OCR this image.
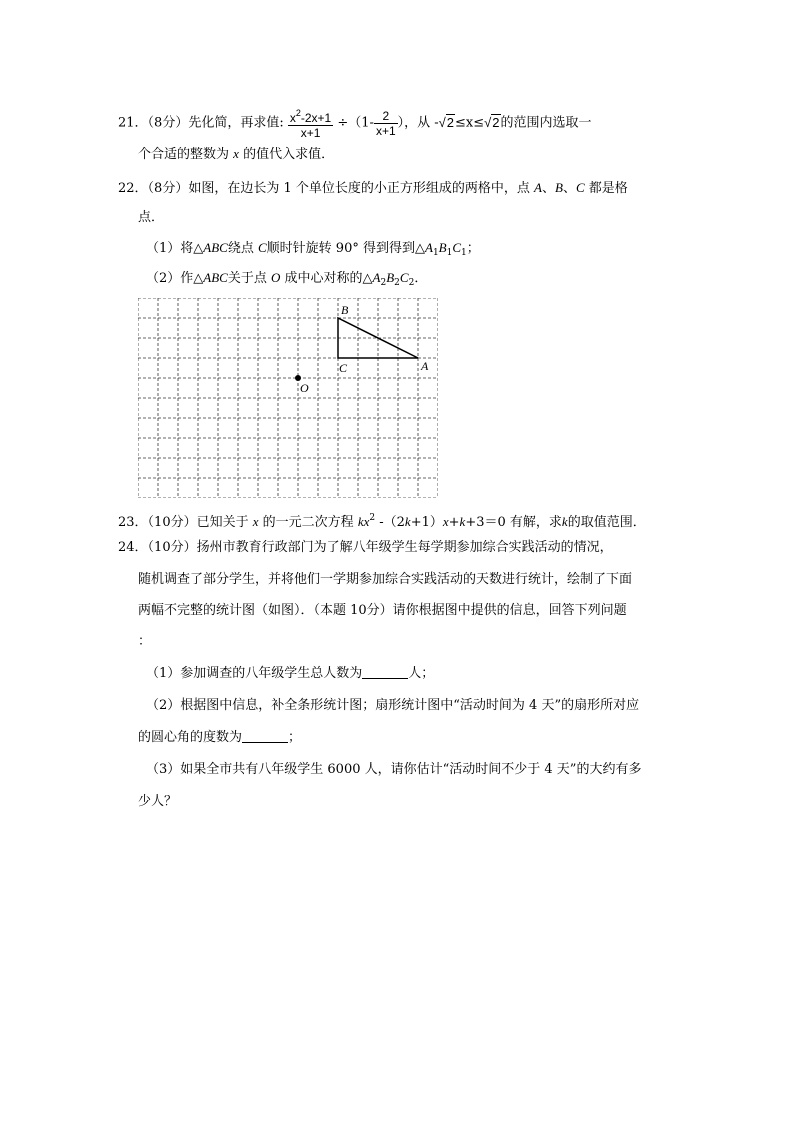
21．（8分）先化简，再求值: $\frac{x^2-2x+1}{x+1} \div(1- \frac{2}{x+1}$ ），从 -√2≤x≤√2的范围内选取一
个合适的整数为 x 的值代入求值．
22．（8分）如图，在边长为 1 个单位长度的小正方形组成的两格中，点 A、B、C 都是格
点．
（1）将△ABC绕点 C顺时针旋转 90° 得到得到$\triangle A_1B_1C_1$；
（2）作△ABC关于点 O 成中心对称的$\triangle A_2B_2C_2$．
B
C	A
O
23．（10分）已知关于 x 的一元二次方程 $kx^2$ -（2k+1）x+k+3＝0 有解，求k的取值范围．
24．（10分）扬州市教育行政部门为了解八年级学生每学期参加综合实践活动的情况，
随机调查了部分学生，并将他们一学期参加综合实践活动的天数进行统计，绘制了下面
两幅不完整的统计图（如图）．（本题 10分）请你根据图中提供的信息，回答下列问题
：
（1）参加调查的八年级学生总人数为	人；
（2）根据图中信息，补全条形统计图；扇形统计图中“活动时间为 4 天”的扇形所对应
的圆心角的度数为	；
（3）如果全市共有八年级学生 6000 人，请你估计“活动时间不少于 4 天”的大约有多
少人？
